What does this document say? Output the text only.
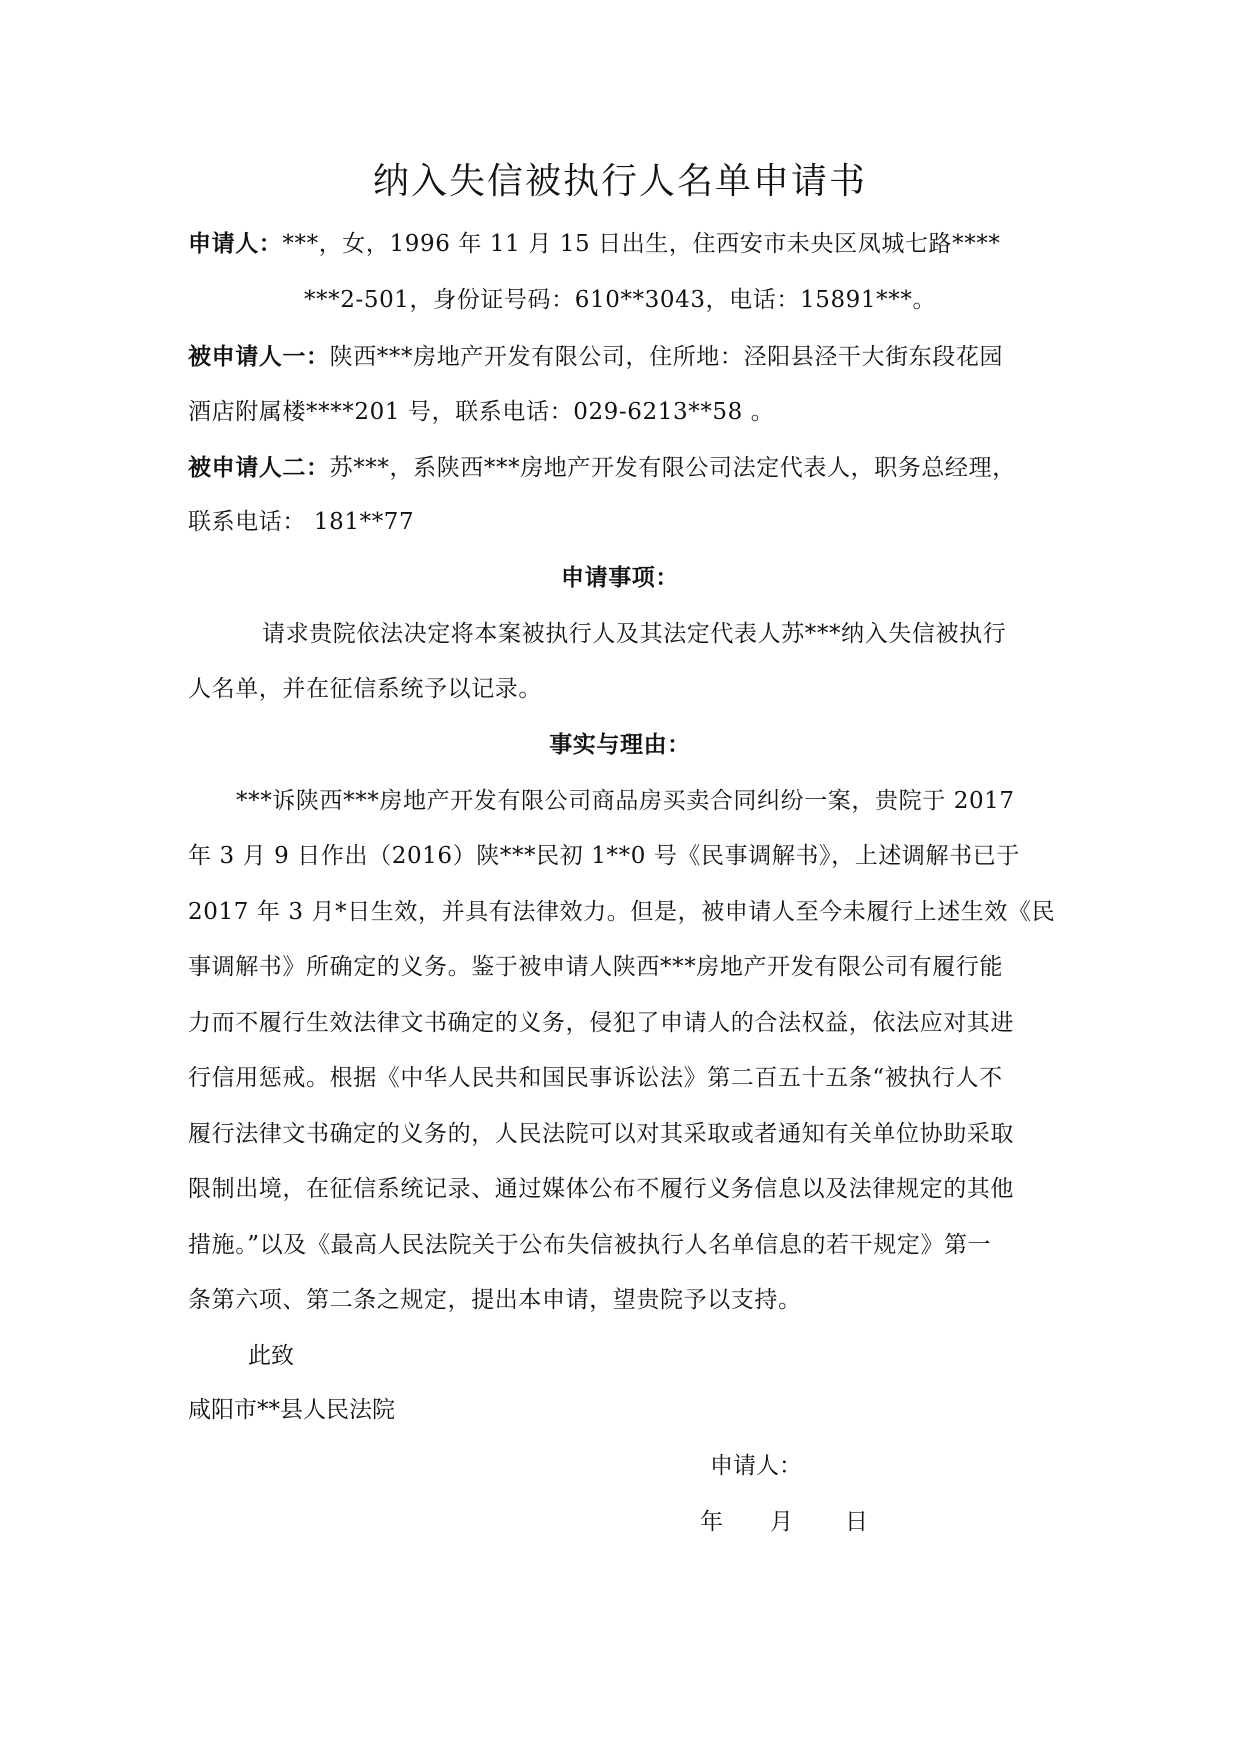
纳入失信被执行人名单申请书
申请人：***，女，1996 年 11 月 15 日出生，住西安市未央区凤城七路****
***2-501，身份证号码：610**3043，电话：15891***。
被申请人一：陕西***房地产开发有限公司，住所地：泾阳县泾干大街东段花园
酒店附属楼****201 号，联系电话：029-6213**58 。
被申请人二：苏***，系陕西***房地产开发有限公司法定代表人，职务总经理，
联系电话： 181**77
申请事项：
请求贵院依法决定将本案被执行人及其法定代表人苏***纳入失信被执行
人名单，并在征信系统予以记录。
事实与理由：
***诉陕西***房地产开发有限公司商品房买卖合同纠纷一案，贵院于 2017
年 3 月 9 日作出（2016）陕***民初 1**0 号《民事调解书》，上述调解书已于
2017 年 3 月*日生效，并具有法律效力。但是，被申请人至今未履行上述生效《民
事调解书》所确定的义务。鉴于被申请人陕西***房地产开发有限公司有履行能
力而不履行生效法律文书确定的义务，侵犯了申请人的合法权益，依法应对其进
行信用惩戒。根据《中华人民共和国民事诉讼法》第二百五十五条“被执行人不
履行法律文书确定的义务的，人民法院可以对其采取或者通知有关单位协助采取
限制出境，在征信系统记录、通过媒体公布不履行义务信息以及法律规定的其他
措施。”以及《最高人民法院关于公布失信被执行人名单信息的若干规定》第一
条第六项、第二条之规定，提出本申请，望贵院予以支持。
此致
咸阳市**县人民法院
申请人：
年 月 日
